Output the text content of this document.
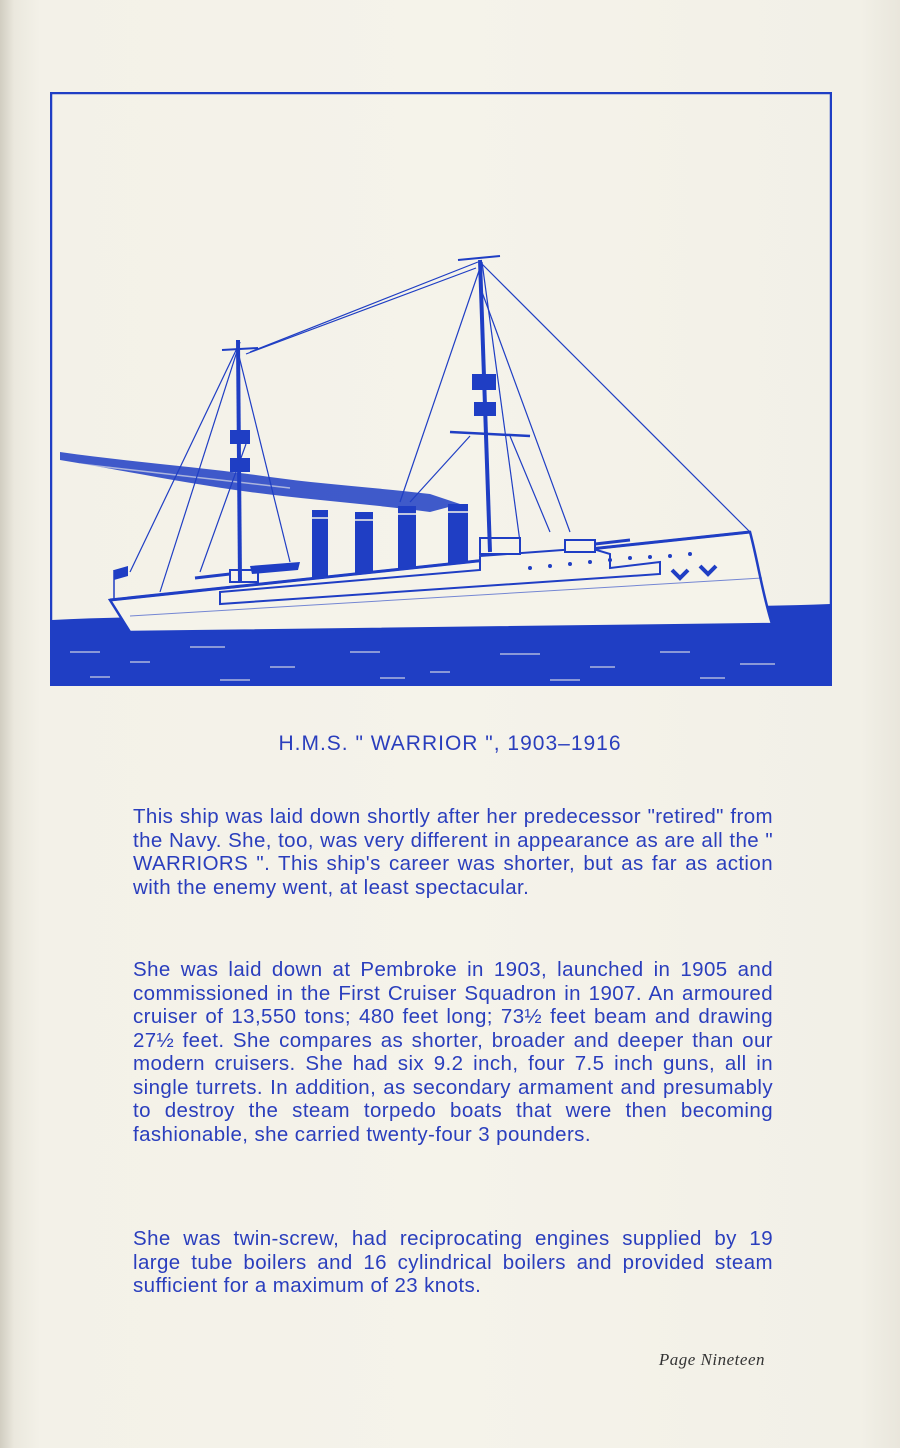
H.M.S. " WARRIOR ", 1903–1916

This ship was laid down shortly after her predecessor "retired" from the Navy. She, too, was very different in appearance as are all the " WARRIORS ". This ship's career was shorter, but as far as action with the enemy went, at least spectacular.

She was laid down at Pembroke in 1903, launched in 1905 and commissioned in the First Cruiser Squadron in 1907. An armoured cruiser of 13,550 tons; 480 feet long; 73½ feet beam and drawing 27½ feet. She compares as shorter, broader and deeper than our modern cruisers. She had six 9.2 inch, four 7.5 inch guns, all in single turrets. In addition, as secondary armament and presumably to destroy the steam torpedo boats that were then becoming fashionable, she carried twenty-four 3 pounders.

She was twin-screw, had reciprocating engines supplied by 19 large tube boilers and 16 cylindrical boilers and provided steam sufficient for a maximum of 23 knots.

Page Nineteen
